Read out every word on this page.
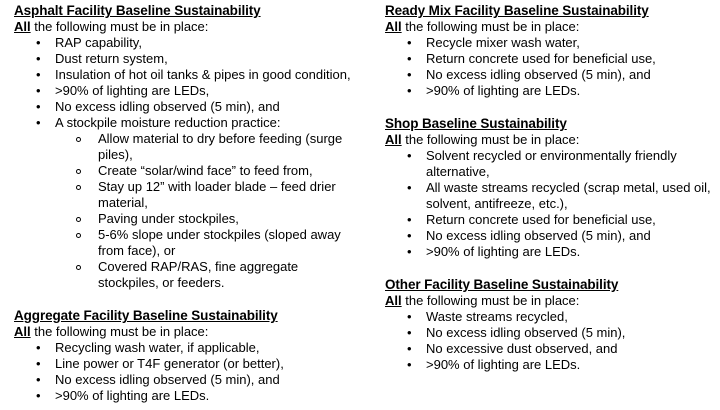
Asphalt Facility Baseline Sustainability
All the following must be in place:
•	RAP capability,
•	Dust return system,
•	Insulation of hot oil tanks & pipes in good condition,
•	>90% of lighting are LEDs,
•	No excess idling observed (5 min), and
•	A stockpile moisture reduction practice:
Allow material to dry before feeding (surge piles),
Create “solar/wind face” to feed from,
Stay up 12” with loader blade – feed drier material,
Paving under stockpiles,
5-6% slope under stockpiles (sloped away from face), or
Covered RAP/RAS, fine aggregate stockpiles, or feeders.
Aggregate Facility Baseline Sustainability
All the following must be in place:
•	Recycling wash water, if applicable,
•	Line power or T4F generator (or better),
•	No excess idling observed (5 min), and
•	>90% of lighting are LEDs.
Ready Mix Facility Baseline Sustainability
All the following must be in place:
•	Recycle mixer wash water,
•	Return concrete used for beneficial use,
•	No excess idling observed (5 min), and
•	>90% of lighting are LEDs.
Shop Baseline Sustainability
All the following must be in place:
•	Solvent recycled or environmentally friendly alternative,
•	All waste streams recycled (scrap metal, used oil, solvent, antifreeze, etc.),
•	Return concrete used for beneficial use,
•	No excess idling observed (5 min), and
•	>90% of lighting are LEDs.
Other Facility Baseline Sustainability
All the following must be in place:
•	Waste streams recycled,
•	No excess idling observed (5 min),
•	No excessive dust observed, and
•	>90% of lighting are LEDs.
